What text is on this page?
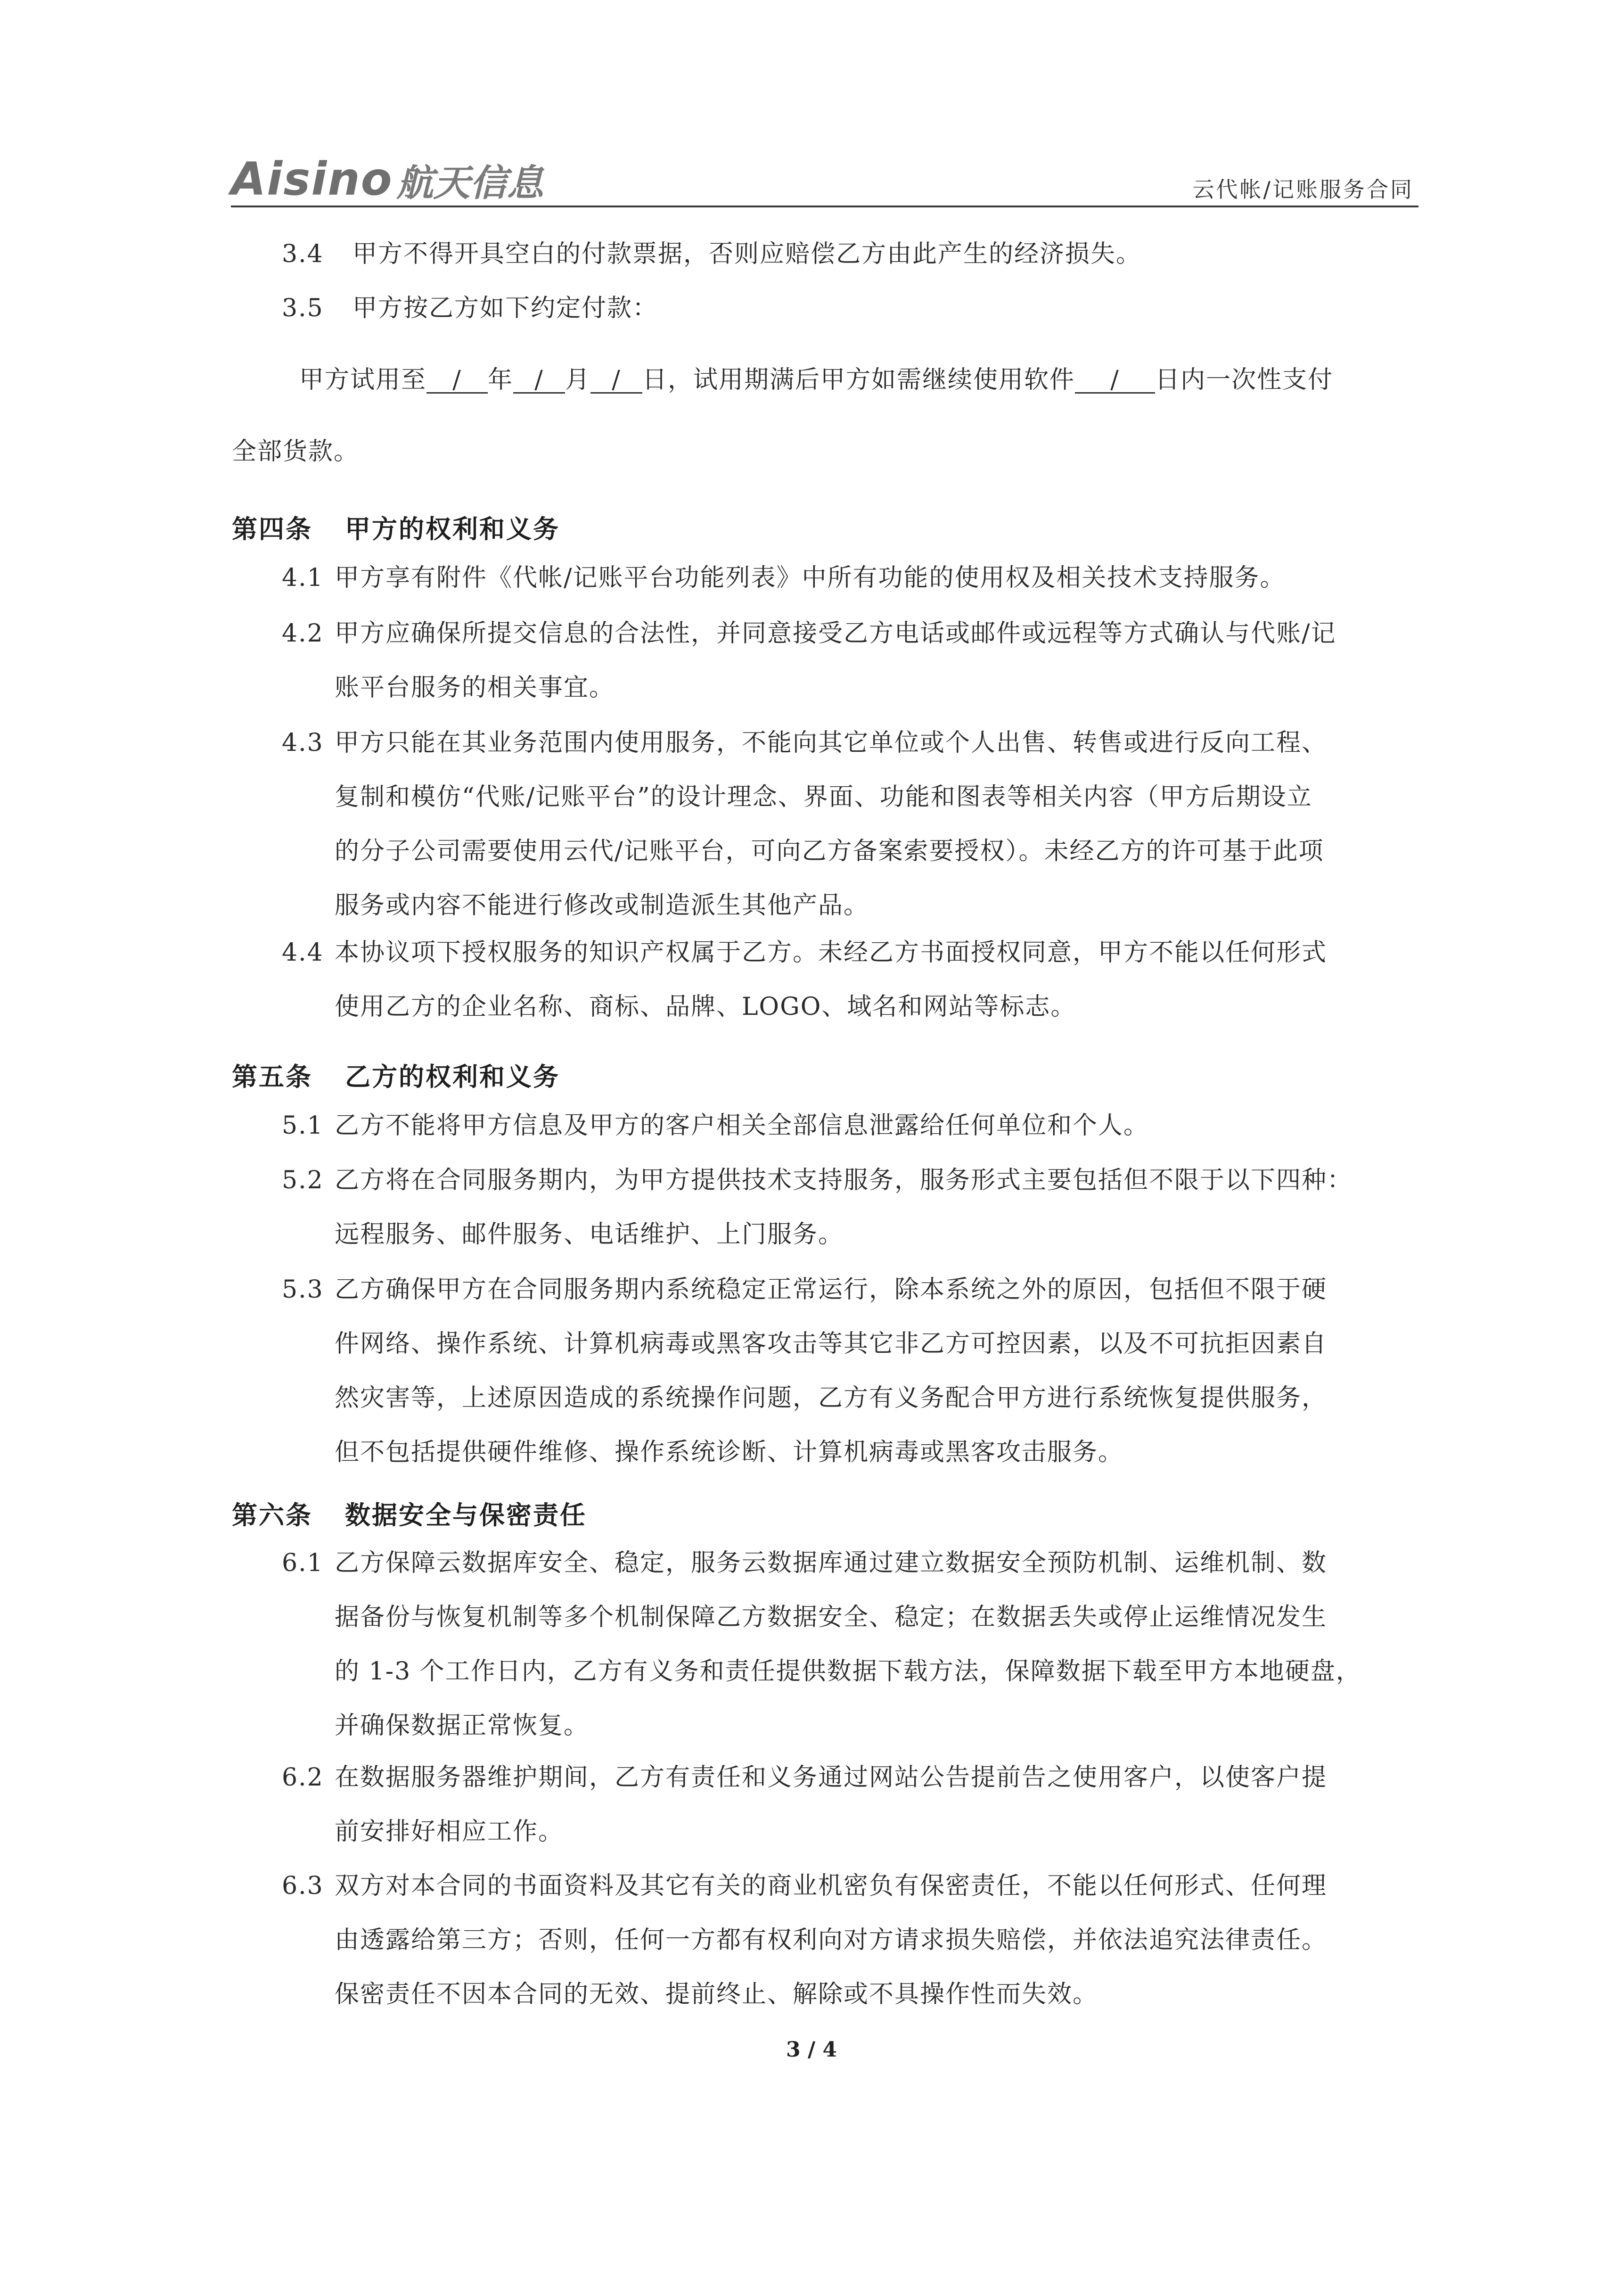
Aisino 航天信息	云代帐/记账服务合同
3.4 甲方不得开具空白的付款票据，否则应赔偿乙方由此产生的经济损失。
3.5 甲方按乙方如下约定付款：
甲方试用至 / 年 / 月 / 日，试用期满后甲方如需继续使用软件 / 日内一次性支付
全部货款。
第四条 甲方的权利和义务
4.1 甲方享有附件《代帐/记账平台功能列表》中所有功能的使用权及相关技术支持服务。
4.2 甲方应确保所提交信息的合法性，并同意接受乙方电话或邮件或远程等方式确认与代账/记
账平台服务的相关事宜。
4.3 甲方只能在其业务范围内使用服务，不能向其它单位或个人出售、转售或进行反向工程、
复制和模仿“代账/记账平台”的设计理念、界面、功能和图表等相关内容（甲方后期设立
的分子公司需要使用云代/记账平台，可向乙方备案索要授权）。未经乙方的许可基于此项
服务或内容不能进行修改或制造派生其他产品。
4.4 本协议项下授权服务的知识产权属于乙方。未经乙方书面授权同意，甲方不能以任何形式
使用乙方的企业名称、商标、品牌、LOGO、域名和网站等标志。
第五条 乙方的权利和义务
5.1 乙方不能将甲方信息及甲方的客户相关全部信息泄露给任何单位和个人。
5.2 乙方将在合同服务期内，为甲方提供技术支持服务，服务形式主要包括但不限于以下四种：
远程服务、邮件服务、电话维护、上门服务。
5.3 乙方确保甲方在合同服务期内系统稳定正常运行，除本系统之外的原因，包括但不限于硬
件网络、操作系统、计算机病毒或黑客攻击等其它非乙方可控因素，以及不可抗拒因素自
然灾害等，上述原因造成的系统操作问题，乙方有义务配合甲方进行系统恢复提供服务，
但不包括提供硬件维修、操作系统诊断、计算机病毒或黑客攻击服务。
第六条 数据安全与保密责任
6.1 乙方保障云数据库安全、稳定，服务云数据库通过建立数据安全预防机制、运维机制、数
据备份与恢复机制等多个机制保障乙方数据安全、稳定；在数据丢失或停止运维情况发生
的 1-3 个工作日内，乙方有义务和责任提供数据下载方法，保障数据下载至甲方本地硬盘，
并确保数据正常恢复。
6.2 在数据服务器维护期间，乙方有责任和义务通过网站公告提前告之使用客户，以使客户提
前安排好相应工作。
6.3 双方对本合同的书面资料及其它有关的商业机密负有保密责任，不能以任何形式、任何理
由透露给第三方；否则，任何一方都有权利向对方请求损失赔偿，并依法追究法律责任。
保密责任不因本合同的无效、提前终止、解除或不具操作性而失效。
3 / 4
